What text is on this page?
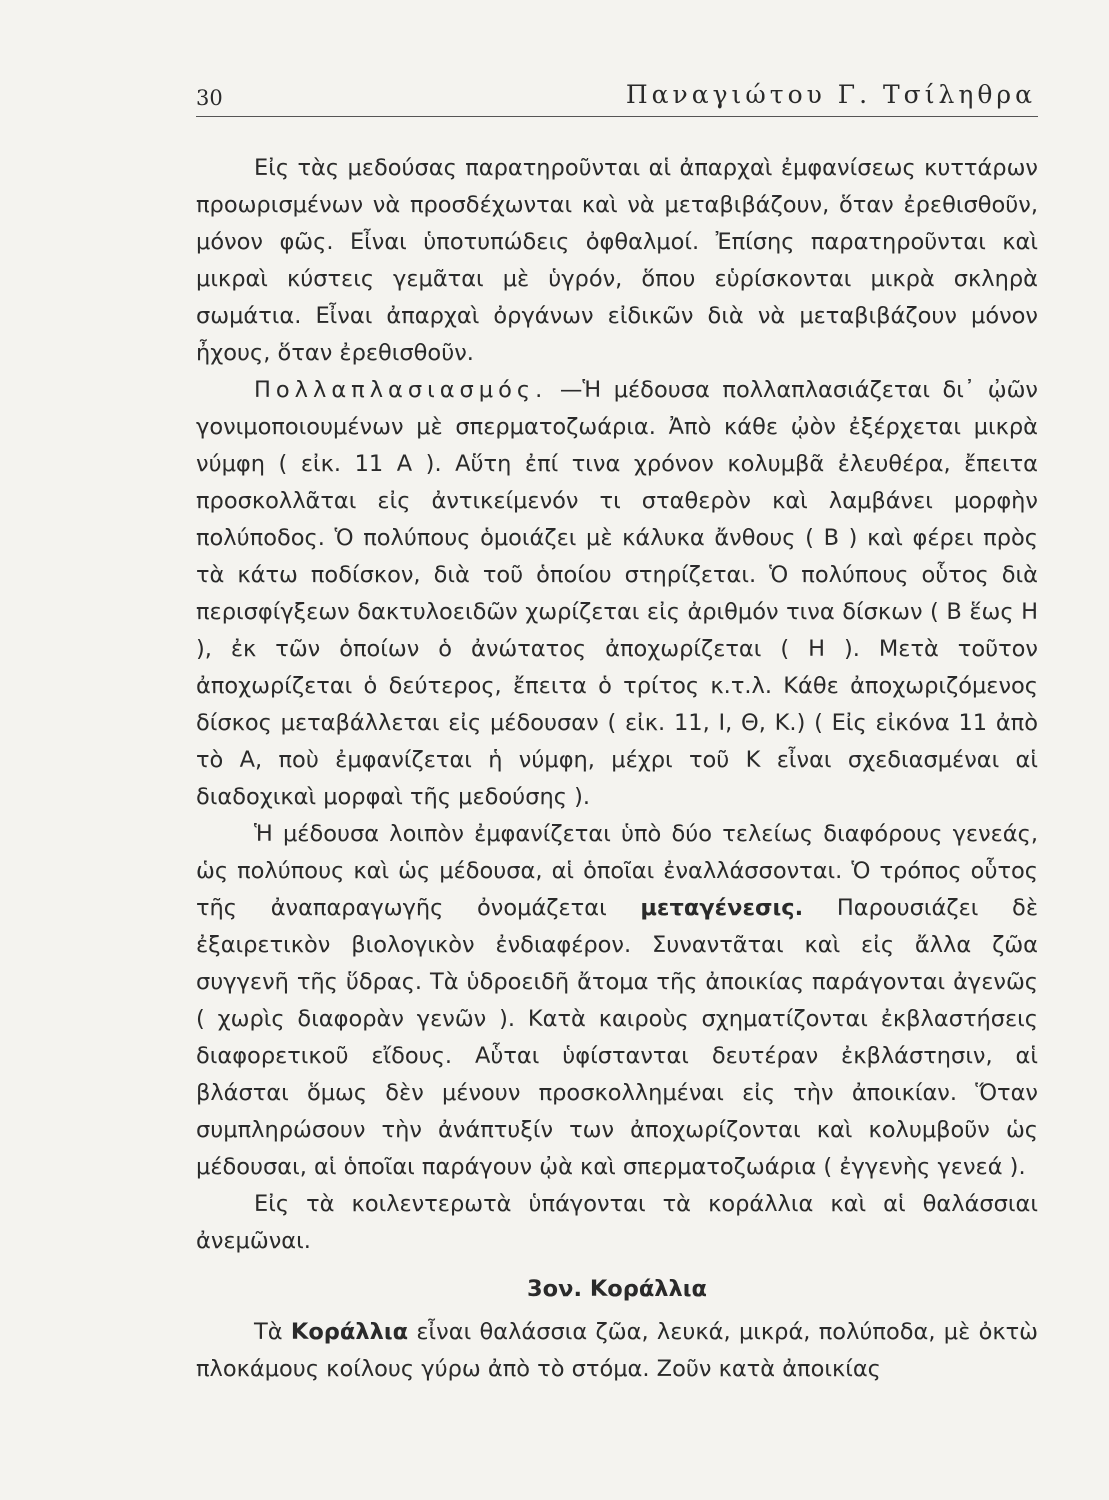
30	Παναγιώτου Γ. Τσίληθρα

Εἰς τὰς μεδούσας παρατηροῦνται αἱ ἀπαρχαὶ ἐμφανίσεως κυττάρων προωρισμένων νὰ προσδέχωνται καὶ νὰ μεταβιβάζουν, ὅταν ἐρεθισθοῦν, μόνον φῶς. Εἶναι ὑποτυπώδεις ὀφθαλμοί. Ἐπίσης παρατηροῦνται καὶ μικραὶ κύστεις γεμᾶται μὲ ὑγρόν, ὅπου εὑρίσκονται μικρὰ σκληρὰ σωμάτια. Εἶναι ἀπαρχαὶ ὀργάνων εἰδικῶν διὰ νὰ μεταβιβάζουν μόνον ἦχους, ὅταν ἐρεθισθοῦν.

Πολλαπλασιασμός. —Ἡ μέδουσα πολλαπλασιάζεται δι᾿ ᾠῶν γονιμοποιουμένων μὲ σπερματοζωάρια. Ἀπὸ κάθε ᾠὸν ἐξέρχεται μικρὰ νύμφη ( εἰκ. 11 Α ). Αὕτη ἐπί τινα χρόνον κολυμβᾶ ἐλευθέρα, ἔπειτα προσκολλᾶται εἰς ἀντικείμενόν τι σταθερὸν καὶ λαμβάνει μορφὴν πολύποδος. Ὁ πολύπους ὁμοιάζει μὲ κάλυκα ἄνθους ( Β ) καὶ φέρει πρὸς τὰ κάτω ποδίσκον, διὰ τοῦ ὁποίου στηρίζεται. Ὁ πολύπους οὗτος διὰ περισφίγξεων δακτυλοειδῶν χωρίζεται εἰς ἀριθμόν τινα δίσκων ( Β ἕως Η ), ἐκ τῶν ὁποίων ὁ ἀνώτατος ἀποχωρίζεται ( Η ). Μετὰ τοῦτον ἀποχωρίζεται ὁ δεύτερος, ἔπειτα ὁ τρίτος κ.τ.λ. Κάθε ἀποχωριζόμενος δίσκος μεταβάλλεται εἰς μέδουσαν ( εἰκ. 11, Ι, Θ, Κ.) ( Εἰς εἰκόνα 11 ἀπὸ τὸ Α, ποὺ ἐμφανίζεται ἡ νύμφη, μέχρι τοῦ Κ εἶναι σχεδιασμέναι αἱ διαδοχικαὶ μορφαὶ τῆς μεδούσης ).

Ἡ μέδουσα λοιπὸν ἐμφανίζεται ὑπὸ δύο τελείως διαφόρους γενεάς, ὡς πολύπους καὶ ὡς μέδουσα, αἱ ὁποῖαι ἐναλλάσσονται. Ὁ τρόπος οὗτος τῆς ἀναπαραγωγῆς ὀνομάζεται μεταγένεσις. Παρουσιάζει δὲ ἐξαιρετικὸν βιολογικὸν ἐνδιαφέρον. Συναντᾶται καὶ εἰς ἄλλα ζῶα συγγενῆ τῆς ὕδρας. Τὰ ὑδροειδῆ ἄτομα τῆς ἀποικίας παράγονται ἀγενῶς ( χωρὶς διαφορὰν γενῶν ). Κατὰ καιροὺς σχηματίζονται ἐκβλαστήσεις διαφορετικοῦ εἴδους. Αὗται ὑφίστανται δευτέραν ἐκβλάστησιν, αἱ βλάσται ὅμως δὲν μένουν προσκολλημέναι εἰς τὴν ἀποικίαν. Ὅταν συμπληρώσουν τὴν ἀνάπτυξίν των ἀποχωρίζονται καὶ κολυμβοῦν ὡς μέδουσαι, αἱ ὁποῖαι παράγουν ᾠὰ καὶ σπερματοζωάρια ( ἐγγενὴς γενεά ).

Εἰς τὰ κοιλεντερωτὰ ὑπάγονται τὰ κοράλλια καὶ αἱ θαλάσσιαι ἀνεμῶναι.

3ον. Κοράλλια

Τὰ Κοράλλια εἶναι θαλάσσια ζῶα, λευκά, μικρά, πολύποδα, μὲ ὀκτὼ πλοκάμους κοίλους γύρω ἀπὸ τὸ στόμα. Ζοῦν κατὰ ἀποικίας
